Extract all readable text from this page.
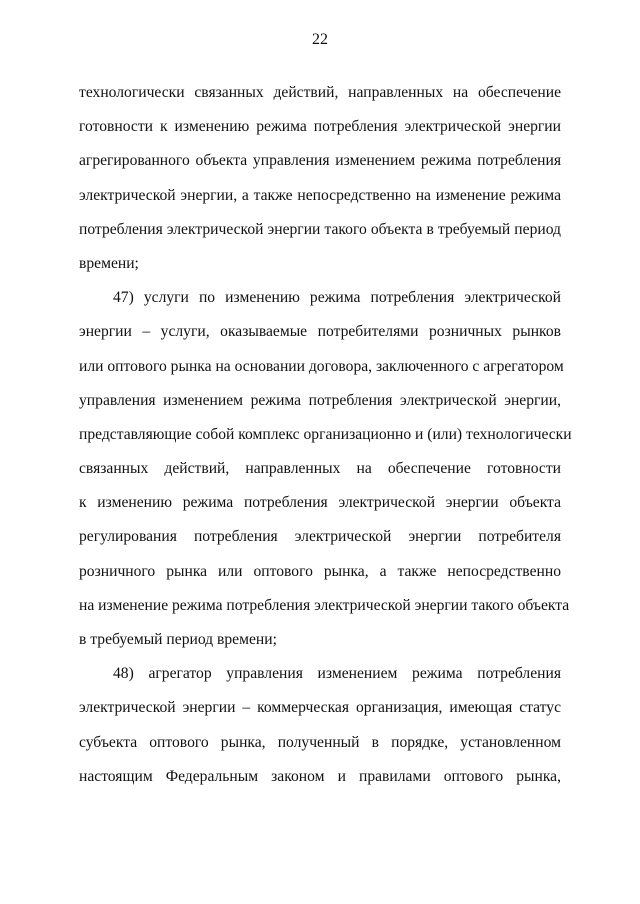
22
технологически связанных действий, направленных на обеспечение
готовности к изменению режима потребления электрической энергии
агрегированного объекта управления изменением режима потребления
электрической энергии, а также непосредственно на изменение режима
потребления электрической энергии такого объекта в требуемый период
времени;
47) услуги по изменению режима потребления электрической
энергии – услуги, оказываемые потребителями розничных рынков
или оптового рынка на основании договора, заключенного с агрегатором
управления изменением режима потребления электрической энергии,
представляющие собой комплекс организационно и (или) технологически
связанных действий, направленных на обеспечение готовности
к изменению режима потребления электрической энергии объекта
регулирования потребления электрической энергии потребителя
розничного рынка или оптового рынка, а также непосредственно
на изменение режима потребления электрической энергии такого объекта
в требуемый период времени;
48) агрегатор управления изменением режима потребления
электрической энергии – коммерческая организация, имеющая статус
субъекта оптового рынка, полученный в порядке, установленном
настоящим Федеральным законом и правилами оптового рынка,
